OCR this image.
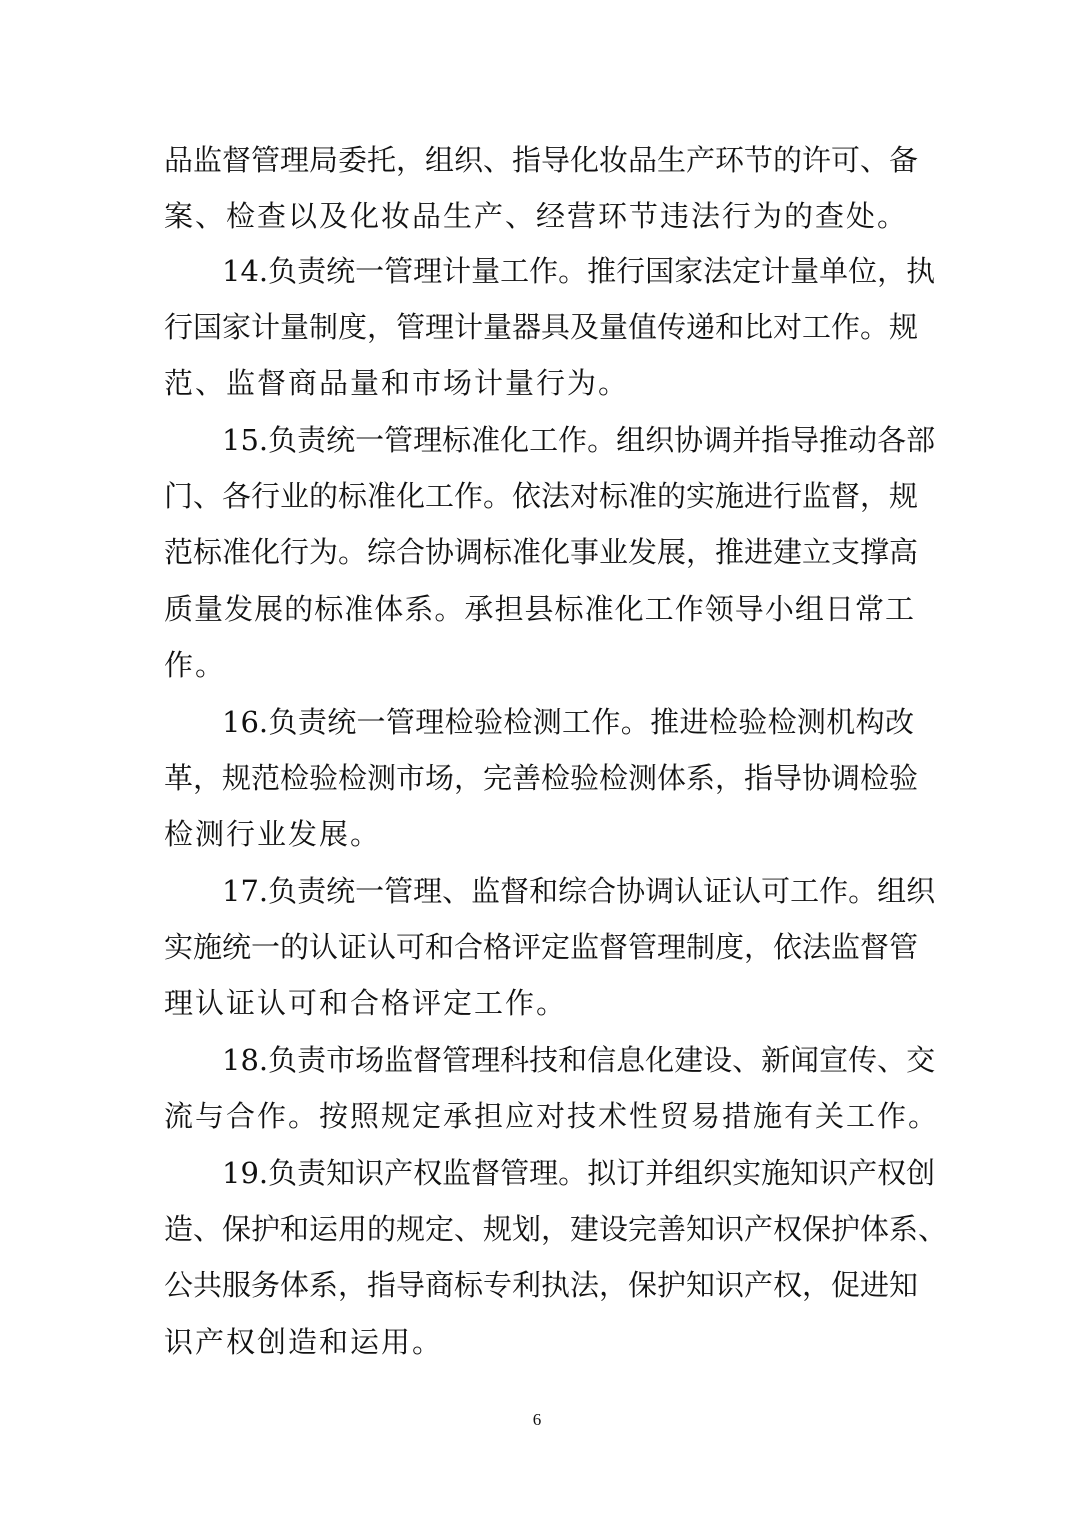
品监督管理局委托，组织、指导化妆品生产环节的许可、备
案、检查以及化妆品生产、经营环节违法行为的查处。
14.负责统一管理计量工作。推行国家法定计量单位，执
行国家计量制度，管理计量器具及量值传递和比对工作。规
范、监督商品量和市场计量行为。
15.负责统一管理标准化工作。组织协调并指导推动各部
门、各行业的标准化工作。依法对标准的实施进行监督，规
范标准化行为。综合协调标准化事业发展，推进建立支撑高
质量发展的标准体系。承担县标准化工作领导小组日常工
作。
16.负责统一管理检验检测工作。推进检验检测机构改
革，规范检验检测市场，完善检验检测体系，指导协调检验
检测行业发展。
17.负责统一管理、监督和综合协调认证认可工作。组织
实施统一的认证认可和合格评定监督管理制度，依法监督管
理认证认可和合格评定工作。
18.负责市场监督管理科技和信息化建设、新闻宣传、交
流与合作。按照规定承担应对技术性贸易措施有关工作。
19.负责知识产权监督管理。拟订并组织实施知识产权创
造、保护和运用的规定、规划，建设完善知识产权保护体系、
公共服务体系，指导商标专利执法，保护知识产权，促进知
识产权创造和运用。
6
